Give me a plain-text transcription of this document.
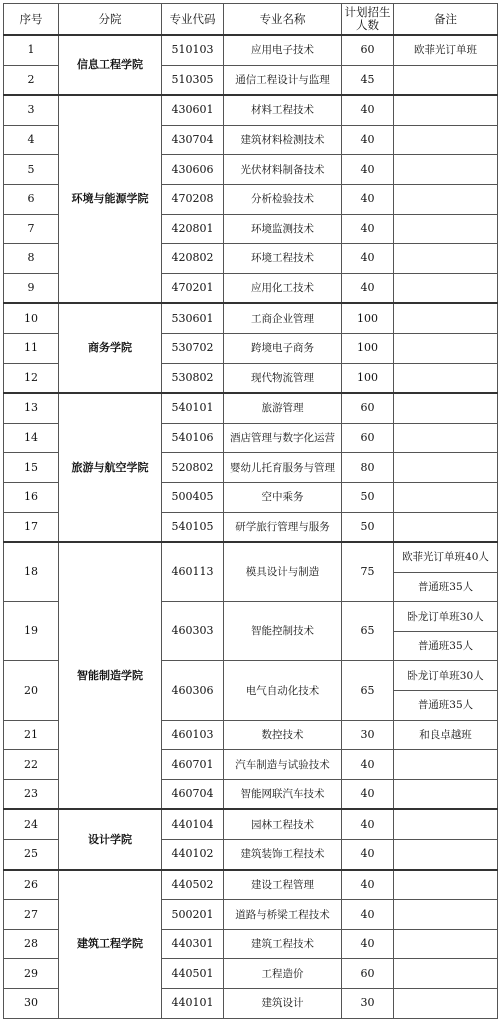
序号	分院	专业代码	专业名称	计划招生人数	备注
1	信息工程学院	510103	应用电子技术	60	欧菲光订单班
2		510305	通信工程设计与监理	45	
3	环境与能源学院	430601	材料工程技术	40	
4		430704	建筑材料检测技术	40	
5		430606	光伏材料制备技术	40	
6		470208	分析检验技术	40	
7		420801	环境监测技术	40	
8		420802	环境工程技术	40	
9		470201	应用化工技术	40	
10	商务学院	530601	工商企业管理	100	
11		530702	跨境电子商务	100	
12		530802	现代物流管理	100	
13	旅游与航空学院	540101	旅游管理	60	
14		540106	酒店管理与数字化运营	60	
15		520802	婴幼儿托育服务与管理	80	
16		500405	空中乘务	50	
17		540105	研学旅行管理与服务	50	
18	智能制造学院	460113	模具设计与制造	75	欧菲光订单班40人
					普通班35人
19		460303	智能控制技术	65	卧龙订单班30人
					普通班35人
20		460306	电气自动化技术	65	卧龙订单班30人
					普通班35人
21		460103	数控技术	30	和良卓越班
22		460701	汽车制造与试验技术	40	
23		460704	智能网联汽车技术	40	
24	设计学院	440104	园林工程技术	40	
25		440102	建筑装饰工程技术	40	
26	建筑工程学院	440502	建设工程管理	40	
27		500201	道路与桥梁工程技术	40	
28		440301	建筑工程技术	40	
29		440501	工程造价	60	
30		440101	建筑设计	30	
